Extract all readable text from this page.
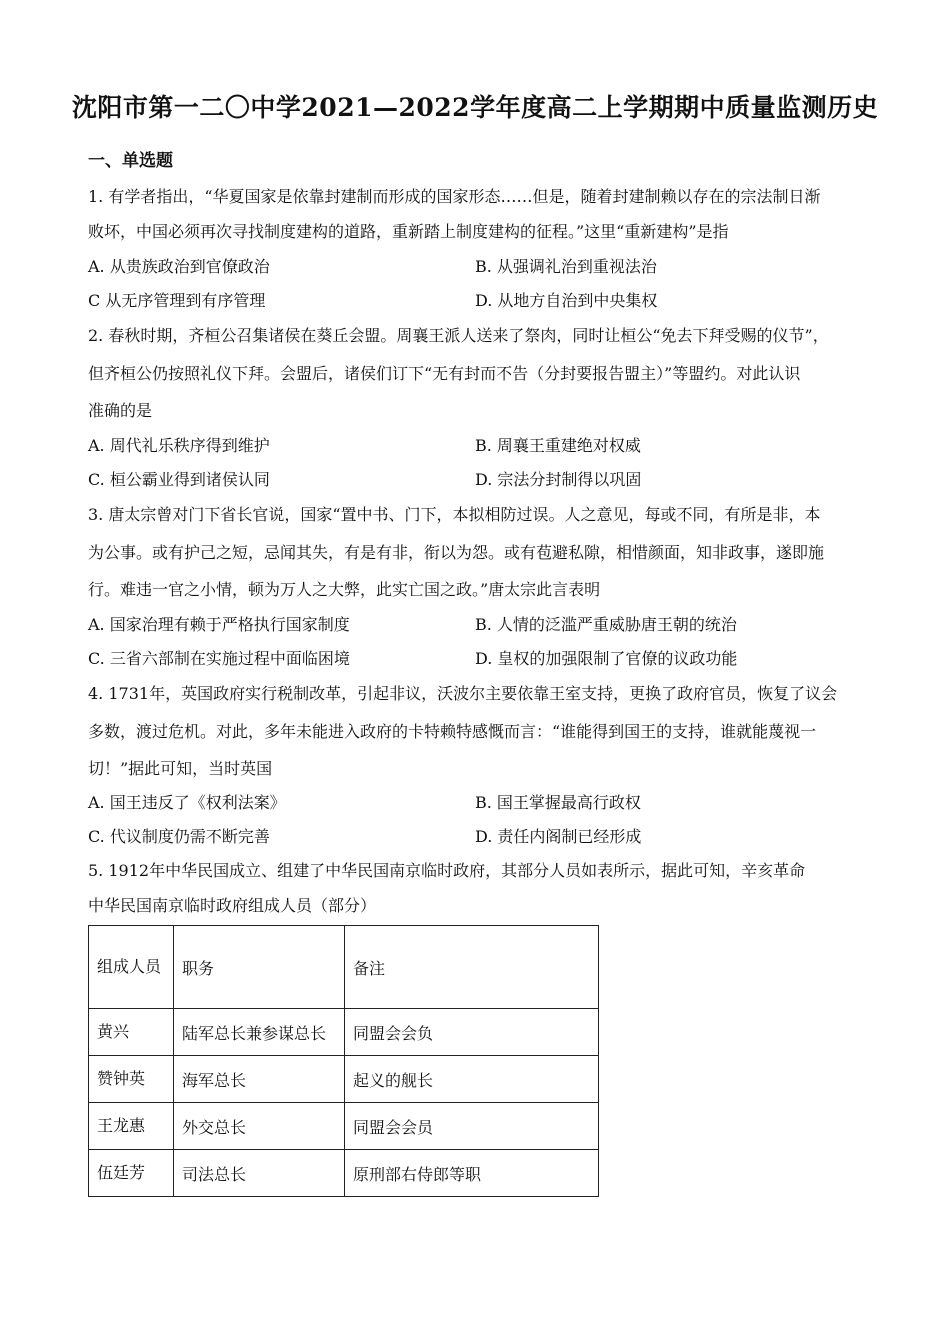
沈阳市第一二〇中学2021—2022学年度高二上学期期中质量监测历史
一、单选题
1. 有学者指出，“华夏国家是依靠封建制而形成的国家形态……但是，随着封建制赖以存在的宗法制日渐
败坏，中国必须再次寻找制度建构的道路，重新踏上制度建构的征程。”这里“重新建构”是指
A. 从贵族政治到官僚政治	B. 从强调礼治到重视法治
C 从无序管理到有序管理	D. 从地方自治到中央集权
2. 春秋时期，齐桓公召集诸侯在葵丘会盟。周襄王派人送来了祭肉，同时让桓公“免去下拜受赐的仪节”，
但齐桓公仍按照礼仪下拜。会盟后，诸侯们订下“无有封而不告（分封要报告盟主）”等盟约。对此认识
准确的是
A. 周代礼乐秩序得到维护	B. 周襄王重建绝对权威
C. 桓公霸业得到诸侯认同	D. 宗法分封制得以巩固
3. 唐太宗曾对门下省长官说，国家“置中书、门下，本拟相防过误。人之意见，每或不同，有所是非，本
为公事。或有护己之短，忌闻其失，有是有非，衔以为怨。或有苞避私隙，相惜颜面，知非政事，遂即施
行。难违一官之小情，顿为万人之大弊，此实亡国之政。”唐太宗此言表明
A. 国家治理有赖于严格执行国家制度	B. 人情的泛滥严重威胁唐王朝的统治
C. 三省六部制在实施过程中面临困境	D. 皇权的加强限制了官僚的议政功能
4. 1731年，英国政府实行税制改革，引起非议，沃波尔主要依靠王室支持，更换了政府官员，恢复了议会
多数，渡过危机。对此，多年未能进入政府的卡特赖特感慨而言：“谁能得到国王的支持，谁就能蔑视一
切！”据此可知，当时英国
A. 国王违反了《权利法案》	B. 国王掌握最高行政权
C. 代议制度仍需不断完善	D. 责任内阁制已经形成
5. 1912年中华民国成立、组建了中华民国南京临时政府，其部分人员如表所示，据此可知，辛亥革命
中华民国南京临时政府组成人员（部分）
组成人员	职务	备注
黄兴	陆军总长兼参谋总长	同盟会会负
赞钟英	海军总长	起义的舰长
王龙惠	外交总长	同盟会会员
伍廷芳	司法总长	原刑部右侍郎等职
